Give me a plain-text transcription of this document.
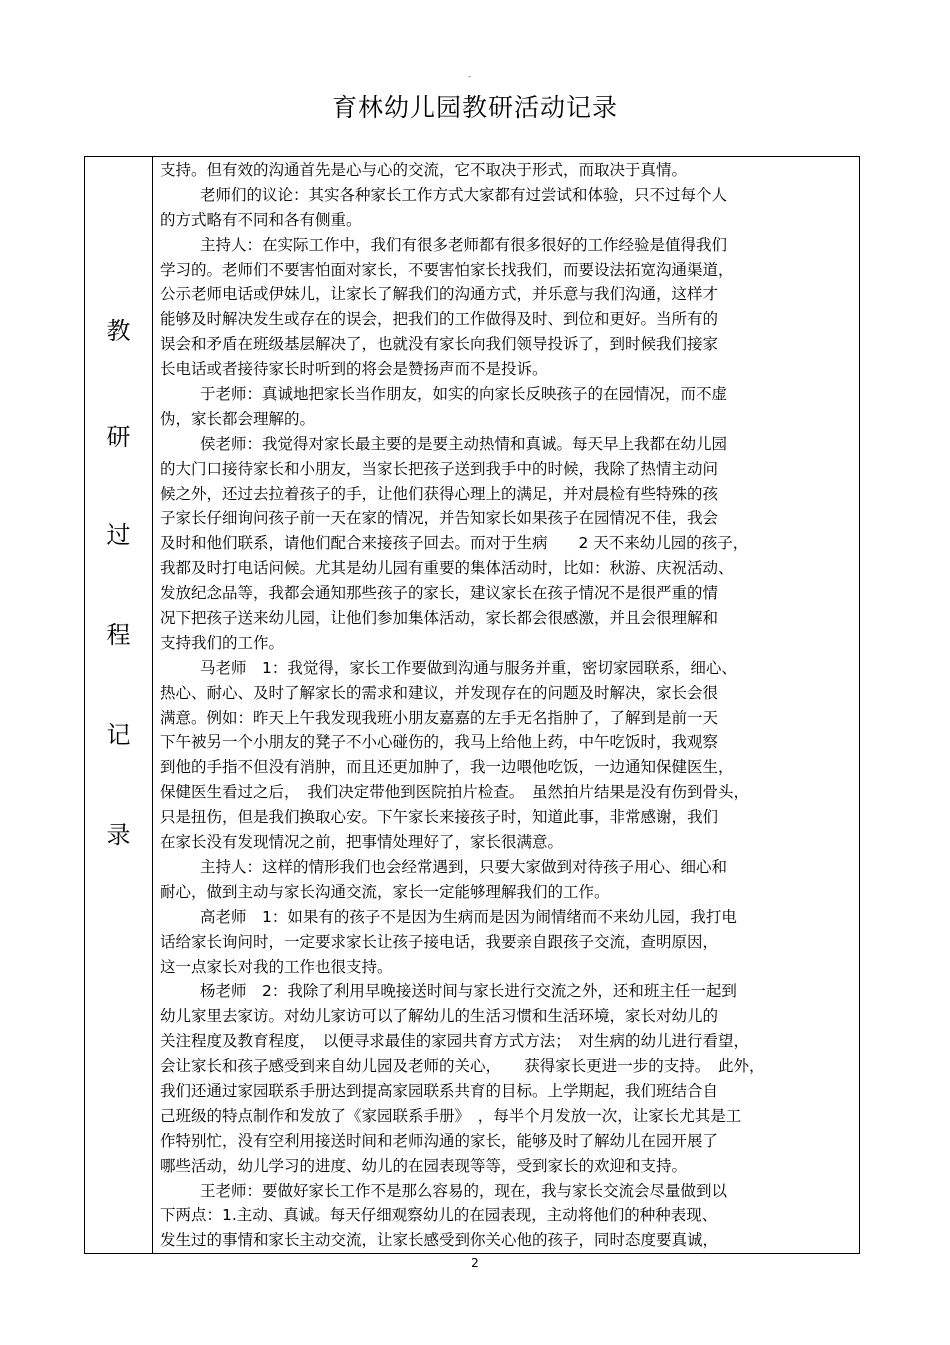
-
育林幼儿园教研活动记录
教
研
过
程
记
录
支持。但有效的沟通首先是心与心的交流，它不取决于形式，而取决于真情。
老师们的议论：其实各种家长工作方式大家都有过尝试和体验，只不过每个人
的方式略有不同和各有侧重。
主持人：在实际工作中，我们有很多老师都有很多很好的工作经验是值得我们
学习的。老师们不要害怕面对家长，不要害怕家长找我们，而要设法拓宽沟通渠道，
公示老师电话或伊妹儿，让家长了解我们的沟通方式，并乐意与我们沟通，这样才
能够及时解决发生或存在的误会，把我们的工作做得及时、到位和更好。当所有的
误会和矛盾在班级基层解决了，也就没有家长向我们领导投诉了，到时候我们接家
长电话或者接待家长时听到的将会是赞扬声而不是投诉。
于老师：真诚地把家长当作朋友，如实的向家长反映孩子的在园情况，而不虚
伪，家长都会理解的。
侯老师：我觉得对家长最主要的是要主动热情和真诚。每天早上我都在幼儿园
的大门口接待家长和小朋友，当家长把孩子送到我手中的时候，我除了热情主动问
候之外，还过去拉着孩子的手，让他们获得心理上的满足，并对晨检有些特殊的孩
子家长仔细询问孩子前一天在家的情况，并告知家长如果孩子在园情况不佳，我会
及时和他们联系，请他们配合来接孩子回去。而对于生病　　2 天不来幼儿园的孩子，
我都及时打电话问候。尤其是幼儿园有重要的集体活动时，比如：秋游、庆祝活动、
发放纪念品等，我都会通知那些孩子的家长，建议家长在孩子情况不是很严重的情
况下把孩子送来幼儿园，让他们参加集体活动，家长都会很感激，并且会很理解和
支持我们的工作。
马老师　1：我觉得，家长工作要做到沟通与服务并重，密切家园联系，细心、
热心、耐心、及时了解家长的需求和建议，并发现存在的问题及时解决，家长会很
满意。例如：昨天上午我发现我班小朋友嘉嘉的左手无名指肿了，了解到是前一天
下午被另一个小朋友的凳子不小心碰伤的，我马上给他上药，中午吃饭时，我观察
到他的手指不但没有消肿，而且还更加肿了，我一边喂他吃饭，一边通知保健医生，
保健医生看过之后，　我们决定带他到医院拍片检查。　虽然拍片结果是没有伤到骨头，
只是扭伤，但是我们换取心安。下午家长来接孩子时，知道此事，非常感谢，我们
在家长没有发现情况之前，把事情处理好了，家长很满意。
主持人：这样的情形我们也会经常遇到，只要大家做到对待孩子用心、细心和
耐心，做到主动与家长沟通交流，家长一定能够理解我们的工作。
高老师　1：如果有的孩子不是因为生病而是因为闹情绪而不来幼儿园，我打电
话给家长询问时，一定要求家长让孩子接电话，我要亲自跟孩子交流，查明原因，
这一点家长对我的工作也很支持。
杨老师　2：我除了利用早晚接送时间与家长进行交流之外，还和班主任一起到
幼儿家里去家访。对幼儿家访可以了解幼儿的生活习惯和生活环境，家长对幼儿的
关注程度及教育程度，　以便寻求最佳的家园共育方式方法；　对生病的幼儿进行看望，
会让家长和孩子感受到来自幼儿园及老师的关心，　　获得家长更进一步的支持。　此外，
我们还通过家园联系手册达到提高家园联系共育的目标。上学期起，我们班结合自
己班级的特点制作和发放了《家园联系手册》　，每半个月发放一次，让家长尤其是工
作特别忙，没有空利用接送时间和老师沟通的家长，能够及时了解幼儿在园开展了
哪些活动，幼儿学习的进度、幼儿的在园表现等等，受到家长的欢迎和支持。
王老师：要做好家长工作不是那么容易的，现在，我与家长交流会尽量做到以
下两点：1.主动、真诚。每天仔细观察幼儿的在园表现，主动将他们的种种表现、
发生过的事情和家长主动交流，让家长感受到你关心他的孩子，同时态度要真诚，
2
